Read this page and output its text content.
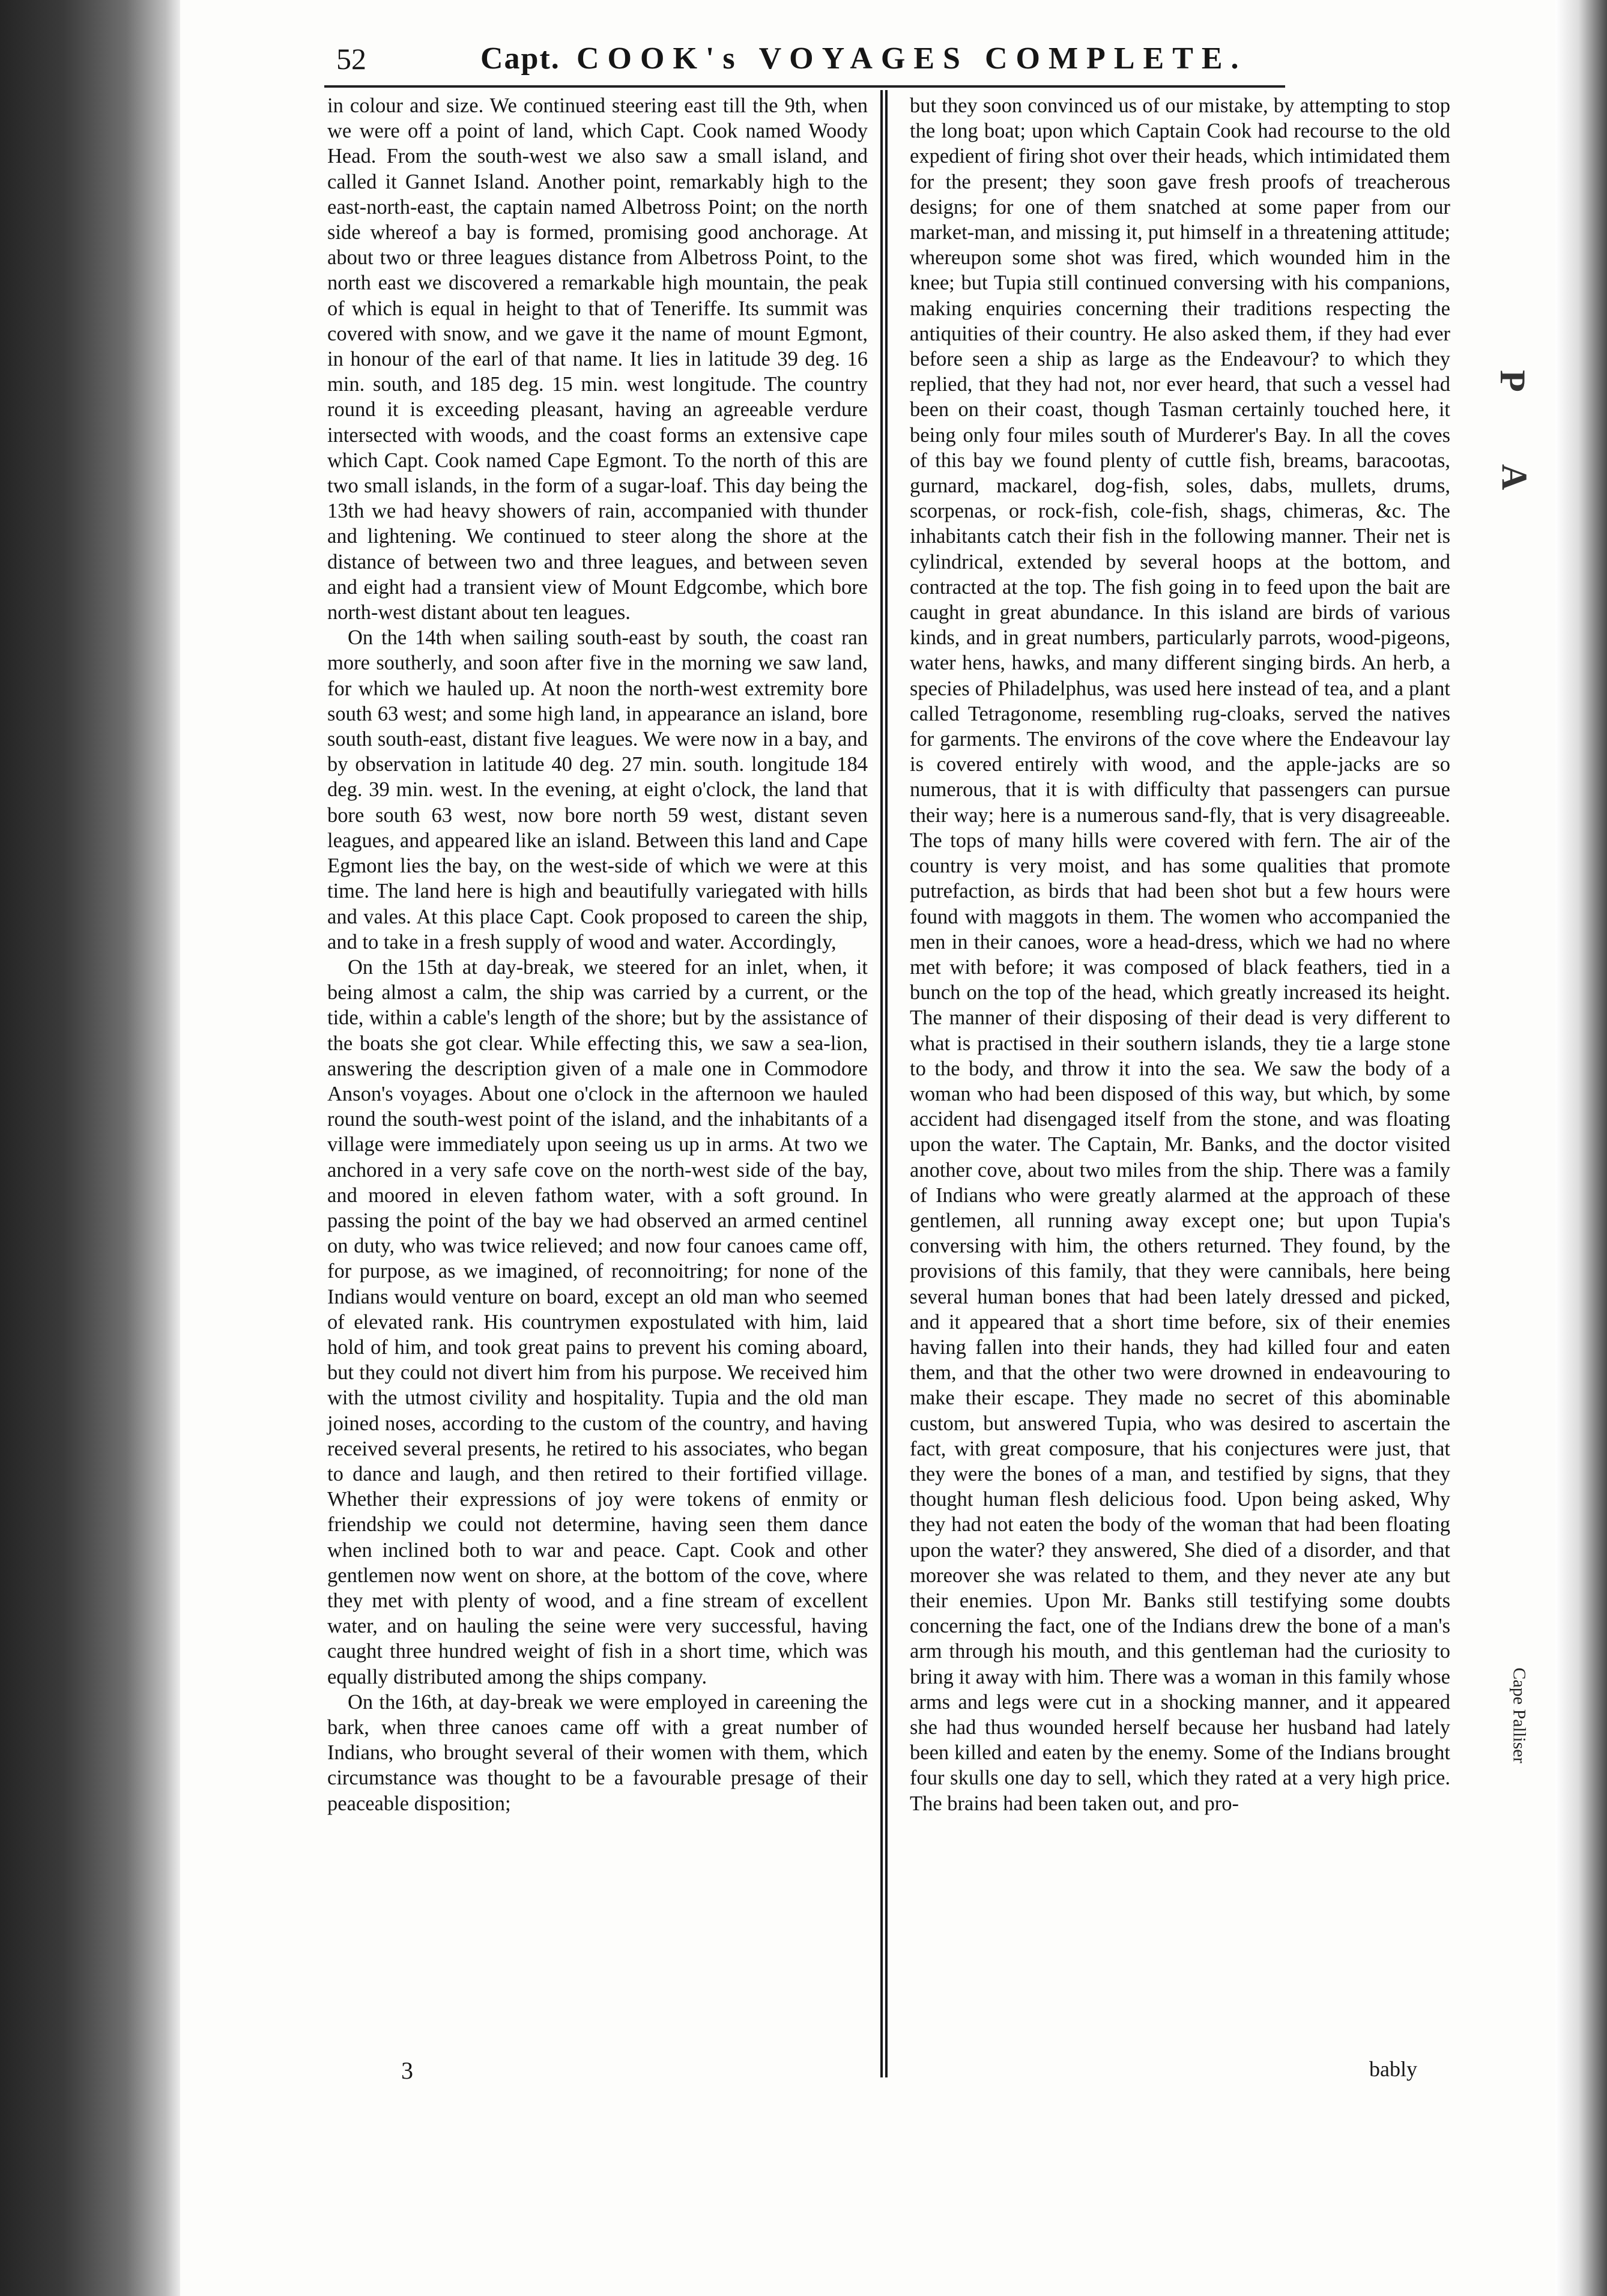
52	Capt. COOK's VOYAGES COMPLETE.

in colour and size. We continued steering east till the 9th, when we were off a point of land, which Capt. Cook named Woody Head. From the south-west we also saw a small island, and called it Gannet Island. Another point, remarkably high to the east-north-east, the captain named Albetross Point; on the north side whereof a bay is formed, promising good anchorage. At about two or three leagues distance from Albetross Point, to the north east we discovered a remarkable high mountain, the peak of which is equal in height to that of Teneriffe. Its summit was covered with snow, and we gave it the name of mount Egmont, in honour of the earl of that name. It lies in latitude 39 deg. 16 min. south, and 185 deg. 15 min. west longitude. The country round it is exceeding pleasant, having an agreeable verdure intersected with woods, and the coast forms an extensive cape which Capt. Cook named Cape Egmont. To the north of this are two small islands, in the form of a sugar-loaf. This day being the 13th we had heavy showers of rain, accompanied with thunder and lightening. We continued to steer along the shore at the distance of between two and three leagues, and between seven and eight had a transient view of Mount Edgcombe, which bore north-west distant about ten leagues.

On the 14th when sailing south-east by south, the coast ran more southerly, and soon after five in the morning we saw land, for which we hauled up. At noon the north-west extremity bore south 63 west; and some high land, in appearance an island, bore south south-east, distant five leagues. We were now in a bay, and by observation in latitude 40 deg. 27 min. south. longitude 184 deg. 39 min. west. In the evening, at eight o'clock, the land that bore south 63 west, now bore north 59 west, distant seven leagues, and appeared like an island. Between this land and Cape Egmont lies the bay, on the west-side of which we were at this time. The land here is high and beautifully variegated with hills and vales. At this place Capt. Cook proposed to careen the ship, and to take in a fresh supply of wood and water. Accordingly,

On the 15th at day-break, we steered for an inlet, when, it being almost a calm, the ship was carried by a current, or the tide, within a cable's length of the shore; but by the assistance of the boats she got clear. While effecting this, we saw a sea-lion, answering the description given of a male one in Commodore Anson's voyages. About one o'clock in the afternoon we hauled round the south-west point of the island, and the inhabitants of a village were immediately upon seeing us up in arms. At two we anchored in a very safe cove on the north-west side of the bay, and moored in eleven fathom water, with a soft ground. In passing the point of the bay we had observed an armed centinel on duty, who was twice relieved; and now four canoes came off, for purpose, as we imagined, of reconnoitring; for none of the Indians would venture on board, except an old man who seemed of elevated rank. His countrymen expostulated with him, laid hold of him, and took great pains to prevent his coming aboard, but they could not divert him from his purpose. We received him with the utmost civility and hospitality. Tupia and the old man joined noses, according to the custom of the country, and having received several presents, he retired to his associates, who began to dance and laugh, and then retired to their fortified village. Whether their expressions of joy were tokens of enmity or friendship we could not determine, having seen them dance when inclined both to war and peace. Capt. Cook and other gentlemen now went on shore, at the bottom of the cove, where they met with plenty of wood, and a fine stream of excellent water, and on hauling the seine were very successful, having caught three hundred weight of fish in a short time, which was equally distributed among the ships company.

On the 16th, at day-break we were employed in careening the bark, when three canoes came off with a great number of Indians, who brought several of their women with them, which circumstance was thought to be a favourable presage of their peaceable disposition;

but they soon convinced us of our mistake, by attempting to stop the long boat; upon which Captain Cook had recourse to the old expedient of firing shot over their heads, which intimidated them for the present; they soon gave fresh proofs of treacherous designs; for one of them snatched at some paper from our market-man, and missing it, put himself in a threatening attitude; whereupon some shot was fired, which wounded him in the knee; but Tupia still continued conversing with his companions, making enquiries concerning their traditions respecting the antiquities of their country. He also asked them, if they had ever before seen a ship as large as the Endeavour? to which they replied, that they had not, nor ever heard, that such a vessel had been on their coast, though Tasman certainly touched here, it being only four miles south of Murderer's Bay. In all the coves of this bay we found plenty of cuttle fish, breams, baracootas, gurnard, mackarel, dog-fish, soles, dabs, mullets, drums, scorpenas, or rock-fish, cole-fish, shags, chimeras, &c. The inhabitants catch their fish in the following manner. Their net is cylindrical, extended by several hoops at the bottom, and contracted at the top. The fish going in to feed upon the bait are caught in great abundance. In this island are birds of various kinds, and in great numbers, particularly parrots, wood-pigeons, water hens, hawks, and many different singing birds. An herb, a species of Philadelphus, was used here instead of tea, and a plant called Tetragonome, resembling rug-cloaks, served the natives for garments. The environs of the cove where the Endeavour lay is covered entirely with wood, and the apple-jacks are so numerous, that it is with difficulty that passengers can pursue their way; here is a numerous sand-fly, that is very disagreeable. The tops of many hills were covered with fern. The air of the country is very moist, and has some qualities that promote putrefaction, as birds that had been shot but a few hours were found with maggots in them. The women who accompanied the men in their canoes, wore a head-dress, which we had no where met with before; it was composed of black feathers, tied in a bunch on the top of the head, which greatly increased its height. The manner of their disposing of their dead is very different to what is practised in their southern islands, they tie a large stone to the body, and throw it into the sea. We saw the body of a woman who had been disposed of this way, but which, by some accident had disengaged itself from the stone, and was floating upon the water. The Captain, Mr. Banks, and the doctor visited another cove, about two miles from the ship. There was a family of Indians who were greatly alarmed at the approach of these gentlemen, all running away except one; but upon Tupia's conversing with him, the others returned. They found, by the provisions of this family, that they were cannibals, here being several human bones that had been lately dressed and picked, and it appeared that a short time before, six of their enemies having fallen into their hands, they had killed four and eaten them, and that the other two were drowned in endeavouring to make their escape. They made no secret of this abominable custom, but answered Tupia, who was desired to ascertain the fact, with great composure, that his conjectures were just, that they were the bones of a man, and testified by signs, that they thought human flesh delicious food. Upon being asked, Why they had not eaten the body of the woman that had been floating upon the water? they answered, She died of a disorder, and that moreover she was related to them, and they never ate any but their enemies. Upon Mr. Banks still testifying some doubts concerning the fact, one of the Indians drew the bone of a man's arm through his mouth, and this gentleman had the curiosity to bring it away with him. There was a woman in this family whose arms and legs were cut in a shocking manner, and it appeared she had thus wounded herself because her husband had lately been killed and eaten by the enemy. Some of the Indians brought four skulls one day to sell, which they rated at a very high price. The brains had been taken out, and pro-

3	bably
P
A
Cape Palliser
